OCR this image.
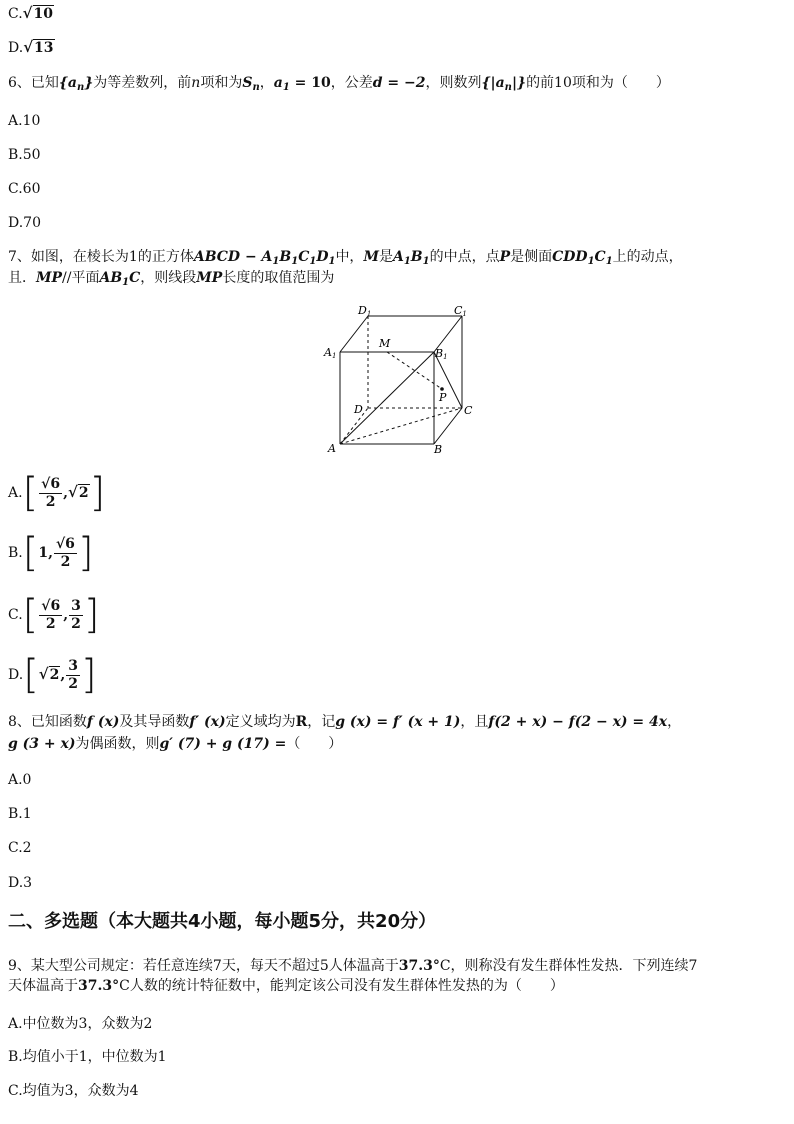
C. √ 10
D. √ 13
6、已知$\{a_n\}$为等差数列，前n项和为$S_n$，$a_1 = 10$，公差d = −2，则数列$\{|a_n|\}$的前10项和为（　　）
A.10
B.50
C.60
D.70
7、如图，在棱长为1的正方体ABCD − $A_1B_1C_1D_1$中，M是$A_1B_1$的中点，点P是侧面$CDD_1C_1$上的动点，
且．MP//平面$AB_1C$，则线段MP长度的取值范围为
D1	C1
A1
M
B1
P
D	C
A	B
$A.[ \frac{√6}{2}$ , √ 2 ]
B.[1, $\frac{√6}{2}$ ]
$C.[ \frac{√6}{2}$ , $\frac{3}{2}$ ]
D.[ √ 2 , $\frac{3}{2}$ ]
8、已知函数f (x)及其导函数f′ (x)定义域均为R，记g (x) = f′ (x + 1)，且f(2 + x) − f(2 − x) = 4x，
g (3 + x)为偶函数，则g′ (7) + g (17) =（　　）
A.0
B.1
C.2
D.3
二、多选题（本大题共4小题，每小题5分，共20分）
9、某大型公司规定：若任意连续7天，每天不超过5人体温高于37.3°C，则称没有发生群体性发热．下列连续7
天体温高于37.3°C人数的统计特征数中，能判定该公司没有发生群体性发热的为（　　）
A.中位数为3，众数为2
B.均值小于1，中位数为1
C.均值为3，众数为4
